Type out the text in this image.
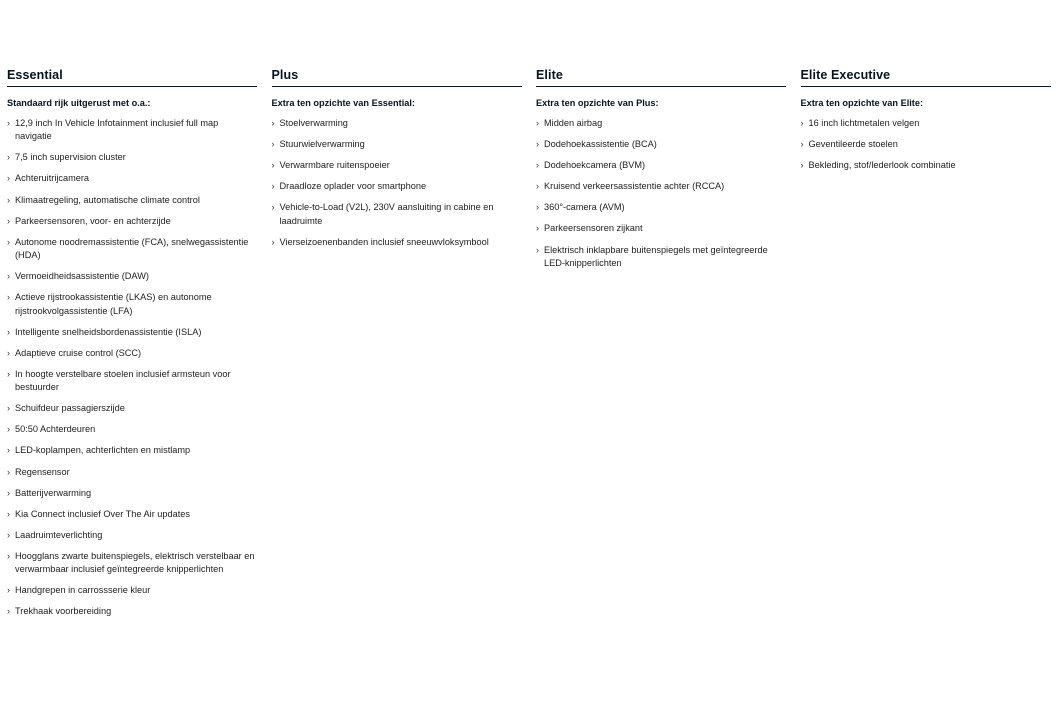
Essential
Standaard rijk uitgerust met o.a.:
› 12,9 inch In Vehicle Infotainment inclusief full map navigatie
› 7,5 inch supervision cluster
› Achteruitrijcamera
› Klimaatregeling, automatische climate control
› Parkeersensoren, voor- en achterzijde
› Autonome noodremassistentie (FCA), snelwegassistentie (HDA)
› Vermoeidheidsassistentie (DAW)
› Actieve rijstrookassistentie (LKAS) en autonome rijstrookvolgassistentie (LFA)
› Intelligente snelheidsbordenassistentie (ISLA)
› Adaptieve cruise control (SCC)
› In hoogte verstelbare stoelen inclusief armsteun voor bestuurder
› Schuifdeur passagierszijde
› 50:50 Achterdeuren
› LED-koplampen, achterlichten en mistlamp
› Regensensor
› Batterijverwarming
› Kia Connect inclusief Over The Air updates
› Laadruimteverlichting
› Hoogglans zwarte buitenspiegels, elektrisch verstelbaar en verwarmbaar inclusief geïntegreerde knipperlichten
› Handgrepen in carrossserie kleur
› Trekhaak voorbereiding
Plus
Extra ten opzichte van Essential:
› Stoelverwarming
› Stuurwielverwarming
› Verwarmbare ruitenspoeier
› Draadloze oplader voor smartphone
› Vehicle-to-Load (V2L), 230V aansluiting in cabine en laadruimte
› Vierseizoenenbanden inclusief sneeuwvloksymbool
Elite
Extra ten opzichte van Plus:
› Midden airbag
› Dodehoekassistentie (BCA)
› Dodehoekcamera (BVM)
› Kruisend verkeersassistentie achter (RCCA)
› 360°-camera (AVM)
› Parkeersensoren zijkant
› Elektrisch inklapbare buitenspiegels met geïntegreerde LED-knipperlichten
Elite Executive
Extra ten opzichte van Elite:
› 16 inch lichtmetalen velgen
› Geventileerde stoelen
› Bekleding, stof/lederlook combinatie
